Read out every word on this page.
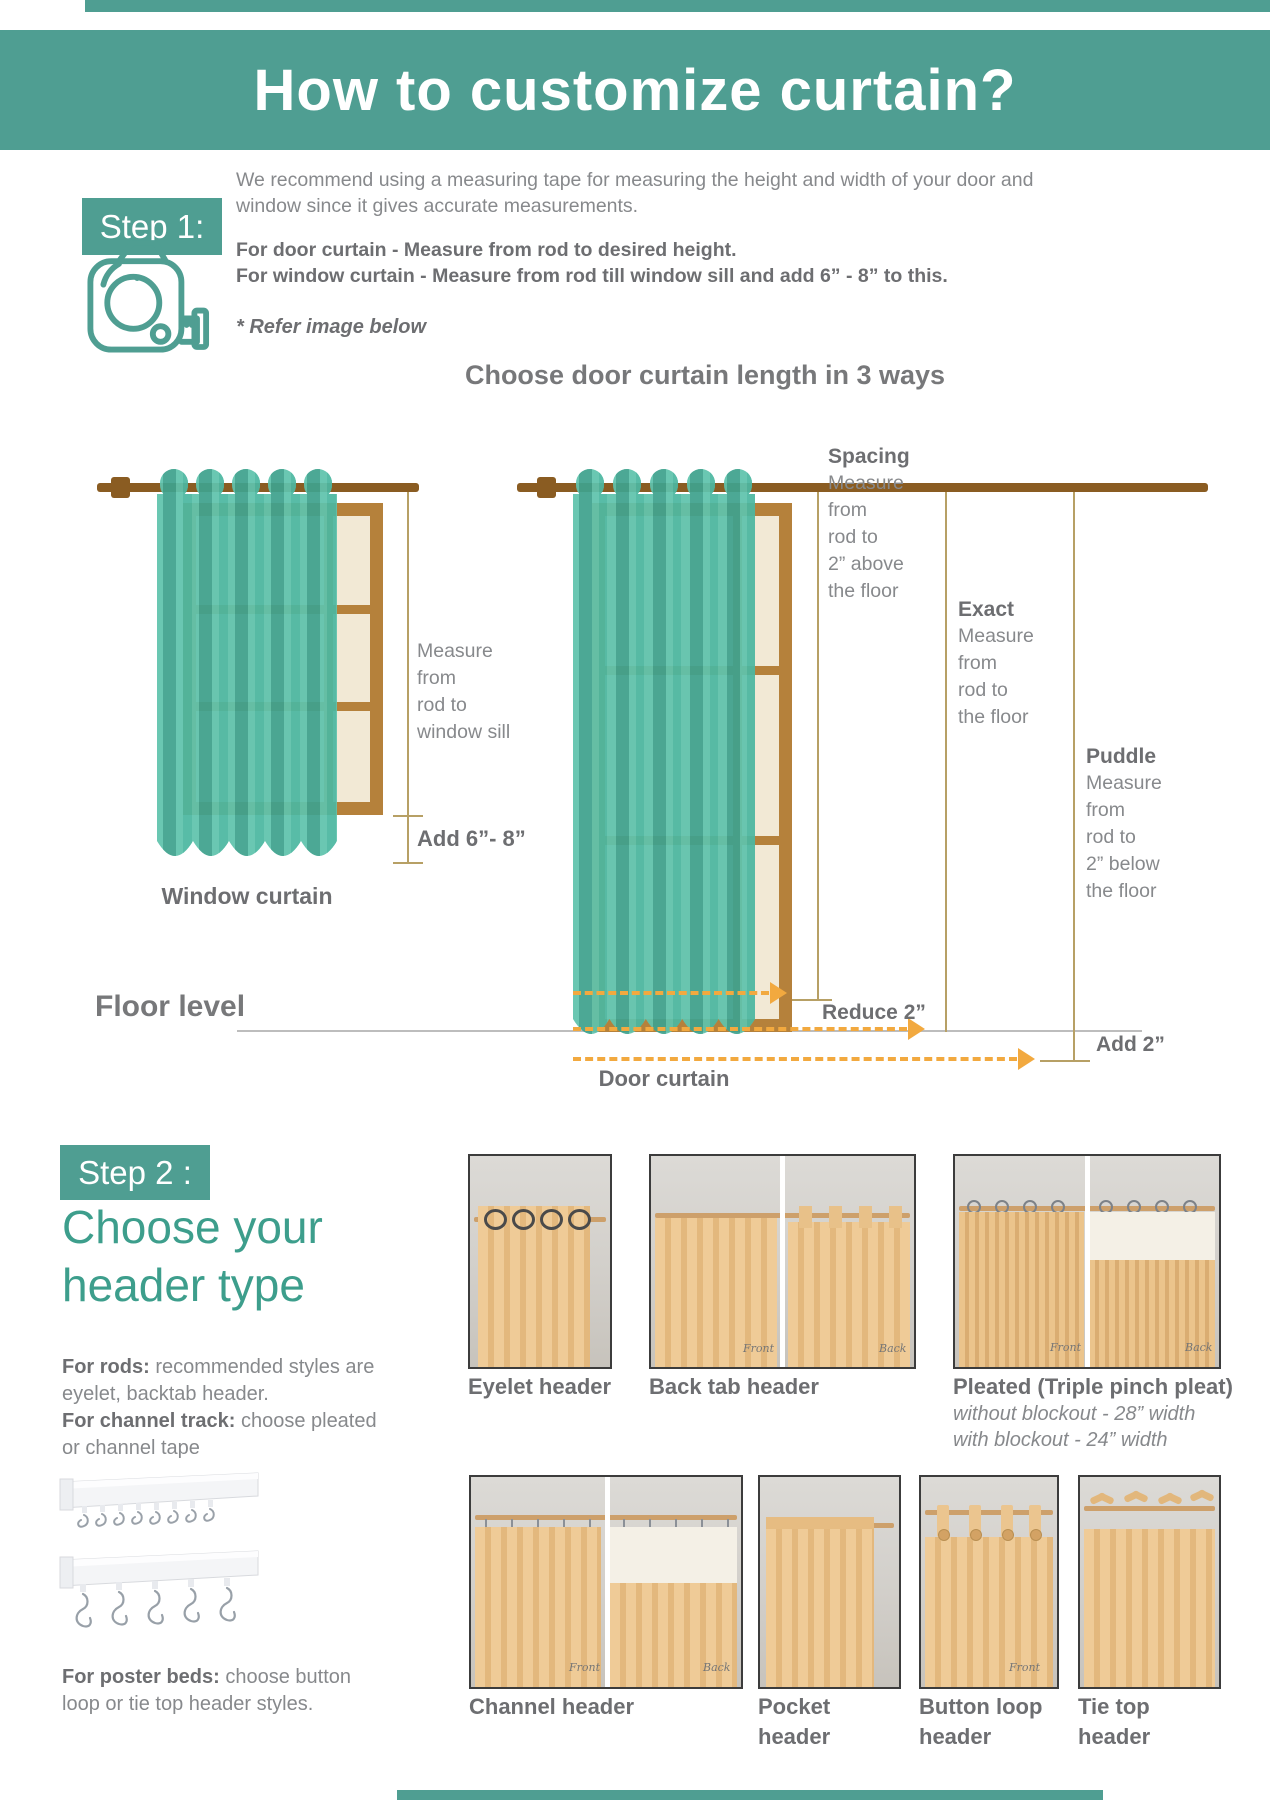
How to customize curtain?
Step 1:

We recommend using a measuring tape for measuring the height and width of your door and window since it gives accurate measurements.

For door curtain - Measure from rod to desired height.
For window curtain - Measure from rod till window sill and add 6” - 8” to this.
* Refer image below
Choose door curtain length in 3 ways
Measure
from
rod to
window sill
Add 6”- 8”
Window curtain
Spacing
Measure
from
rod to
2” above
the floor
Exact
Measure
from
rod to
the floor
Puddle
Measure
from
rod to
2” below
the floor
Floor level	Reduce 2”
Add 2”
Door curtain
Step 2 :
Choose your
header type

For rods: recommended styles are eyelet, backtab header.
For channel track: choose pleated or channel tape

For poster beds: choose button loop or tie top header styles.

Front	Back	Front	Back
Eyelet header Back tab header	Pleated (Triple pinch pleat)
without blockout - 28” width
with blockout - 24” width
Front	Back	Front
Channel header	Pocket
header
Button loop
header
Tie top
header
